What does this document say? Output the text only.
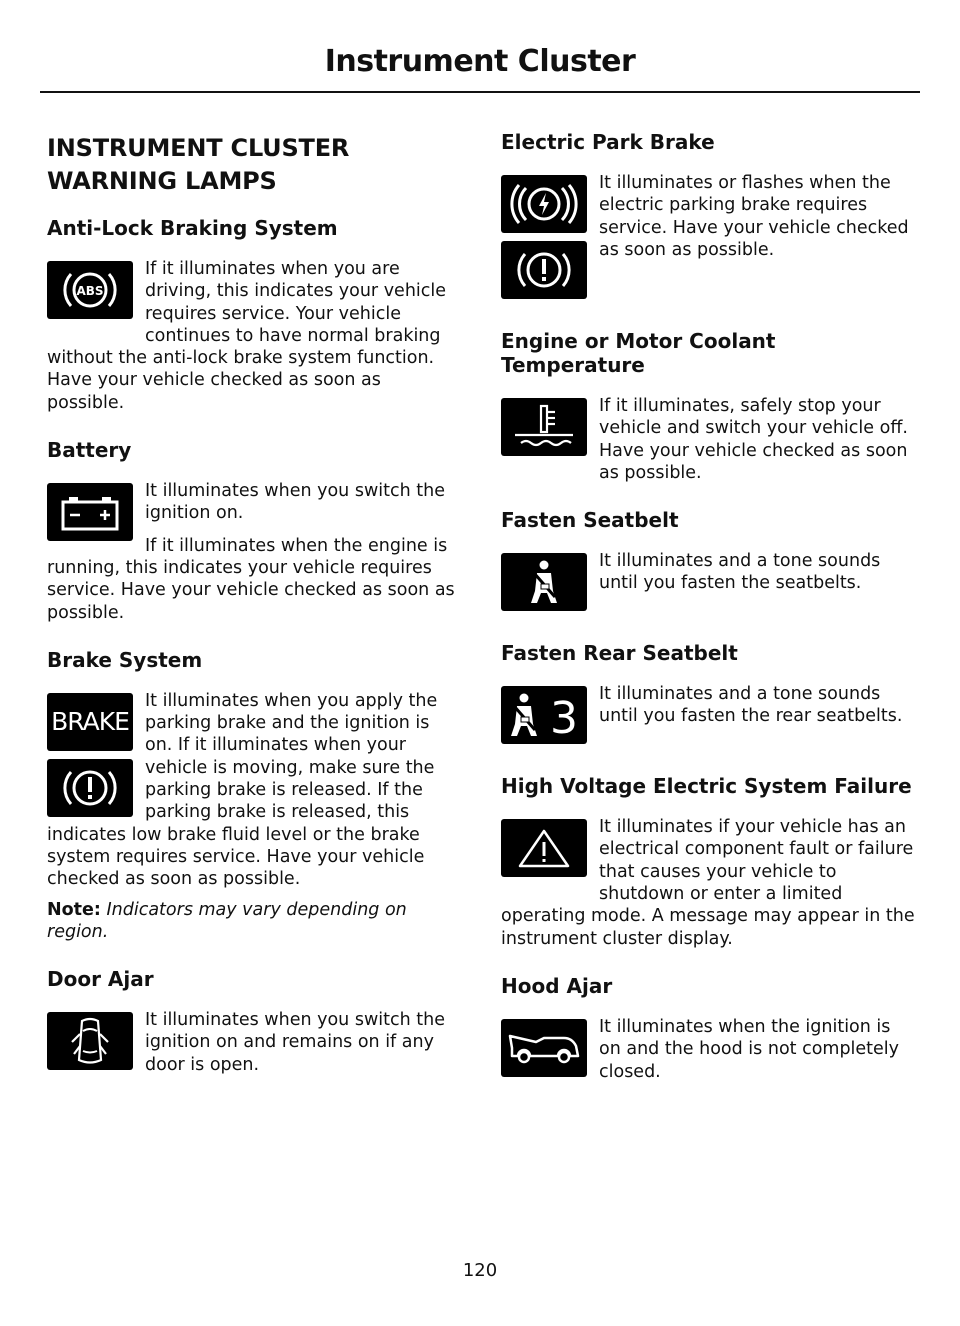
Instrument Cluster
INSTRUMENT CLUSTER WARNING LAMPS
Anti-Lock Braking System
ABS

If it illuminates when you are driving, this indicates your vehicle requires service. Your vehicle continues to have normal braking without the anti-lock brake system function. Have your vehicle checked as soon as possible.

Battery

It illuminates when you switch the ignition on.

If it illuminates when the engine is running, this indicates your vehicle requires service. Have your vehicle checked as soon as possible.

Brake System
BRAKE

It illuminates when you apply the parking brake and the ignition is on. If it illuminates when your vehicle is moving, make sure the parking brake is released. If the parking brake is released, this indicates low brake fluid level or the brake system requires service. Have your vehicle checked as soon as possible.

Note: Indicators may vary depending on region.

Door Ajar

It illuminates when you switch the ignition on and remains on if any door is open.

Electric Park Brake

It illuminates or flashes when the electric parking brake requires service. Have your vehicle checked as soon as possible.

Engine or Motor Coolant Temperature

If it illuminates, safely stop your vehicle and switch your vehicle off. Have your vehicle checked as soon as possible.

Fasten Seatbelt

It illuminates and a tone sounds until you fasten the seatbelts.

Fasten Rear Seatbelt
3	It illuminates and a tone sounds until you fasten the rear seatbelts.

High Voltage Electric System Failure

It illuminates if your vehicle has an electrical component fault or failure that causes your vehicle to shutdown or enter a limited operating mode. A message may appear in the instrument cluster display.

Hood Ajar

It illuminates when the ignition is on and the hood is not completely closed.

120
